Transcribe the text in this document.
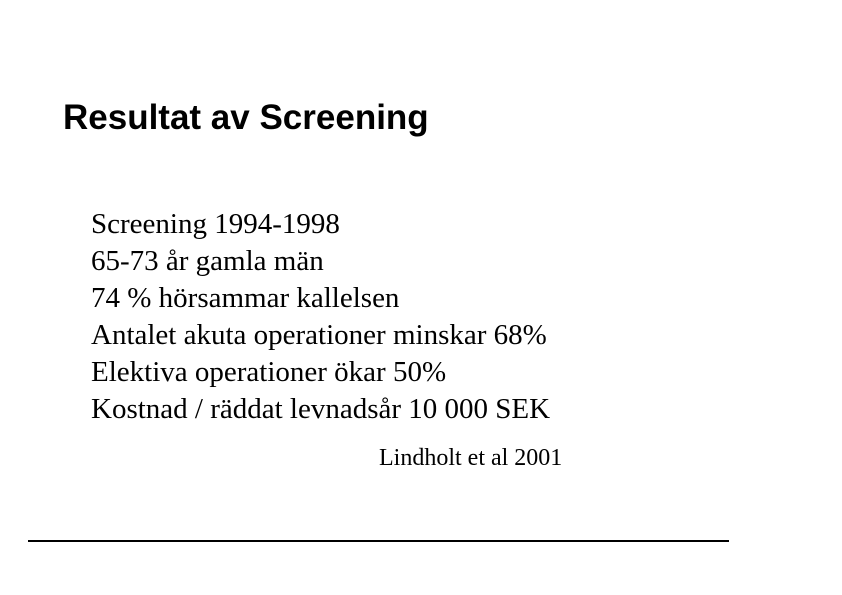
Resultat av Screening
Screening 1994-1998
65-73 år gamla män
74 % hörsammar kallelsen
Antalet akuta operationer minskar 68%
Elektiva operationer ökar 50%
Kostnad / räddat levnadsår 10 000 SEK
Lindholt et al 2001
